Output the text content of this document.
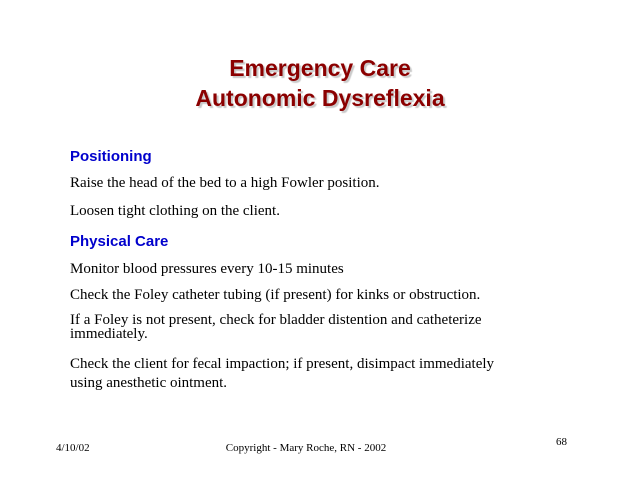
Emergency Care
Autonomic Dysreflexia
Positioning
Raise the head of the bed to a high Fowler position.
Loosen tight clothing on the client.
Physical Care
Monitor blood pressures every 10-15 minutes
Check the Foley catheter tubing (if present) for kinks or obstruction.
If a Foley is not present, check for bladder distention and catheterize
immediately.
Check the client for fecal impaction; if present, disimpact immediately
using anesthetic ointment.
4/10/02	Copyright - Mary Roche, RN - 2002	68
